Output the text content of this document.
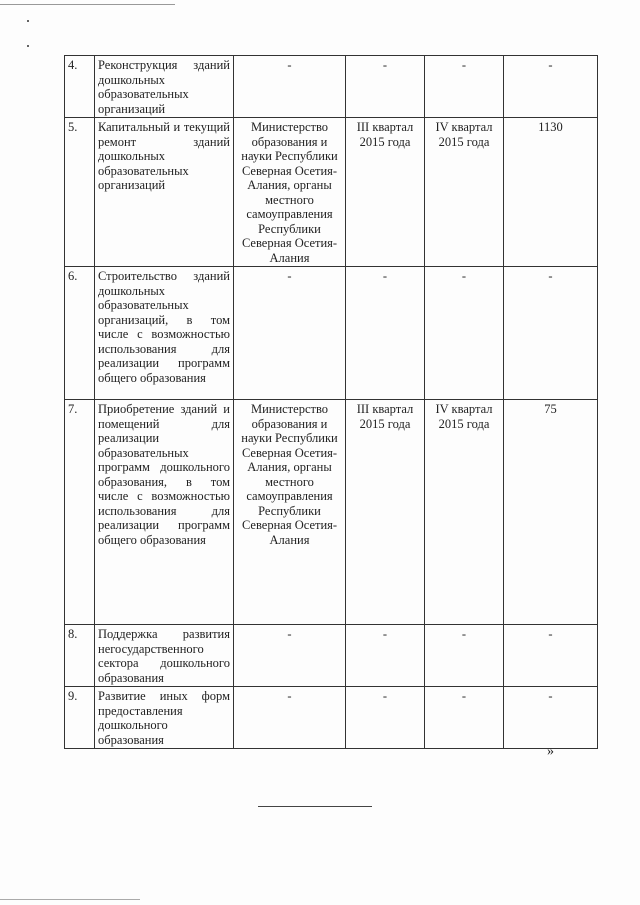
4.	Реконструкция зданий дошкольных образовательных организаций	-	-	-	-
5.	Капитальный и текущий ремонт зданий дошкольных образовательных организаций	Министерство образования и науки Республики Северная Осетия-Алания, органы местного самоуправления Республики Северная Осетия-Алания	III квартал 2015 года	IV квартал 2015 года	1130
6.	Строительство зданий дошкольных образовательных организаций, в том числе с возможностью использования для реализации программ общего образования	-	-	-	-
7.	Приобретение зданий и помещений для реализации образовательных программ дошкольного образования, в том числе с возможностью использования для реализации программ общего образования	Министерство образования и науки Республики Северная Осетия-Алания, органы местного самоуправления Республики Северная Осетия-Алания	III квартал 2015 года	IV квартал 2015 года	75
8.	Поддержка развития негосударственного сектора дошкольного образования	-	-	-	-
9.	Развитие иных форм предоставления дошкольного образования	-	-	-	-
»
